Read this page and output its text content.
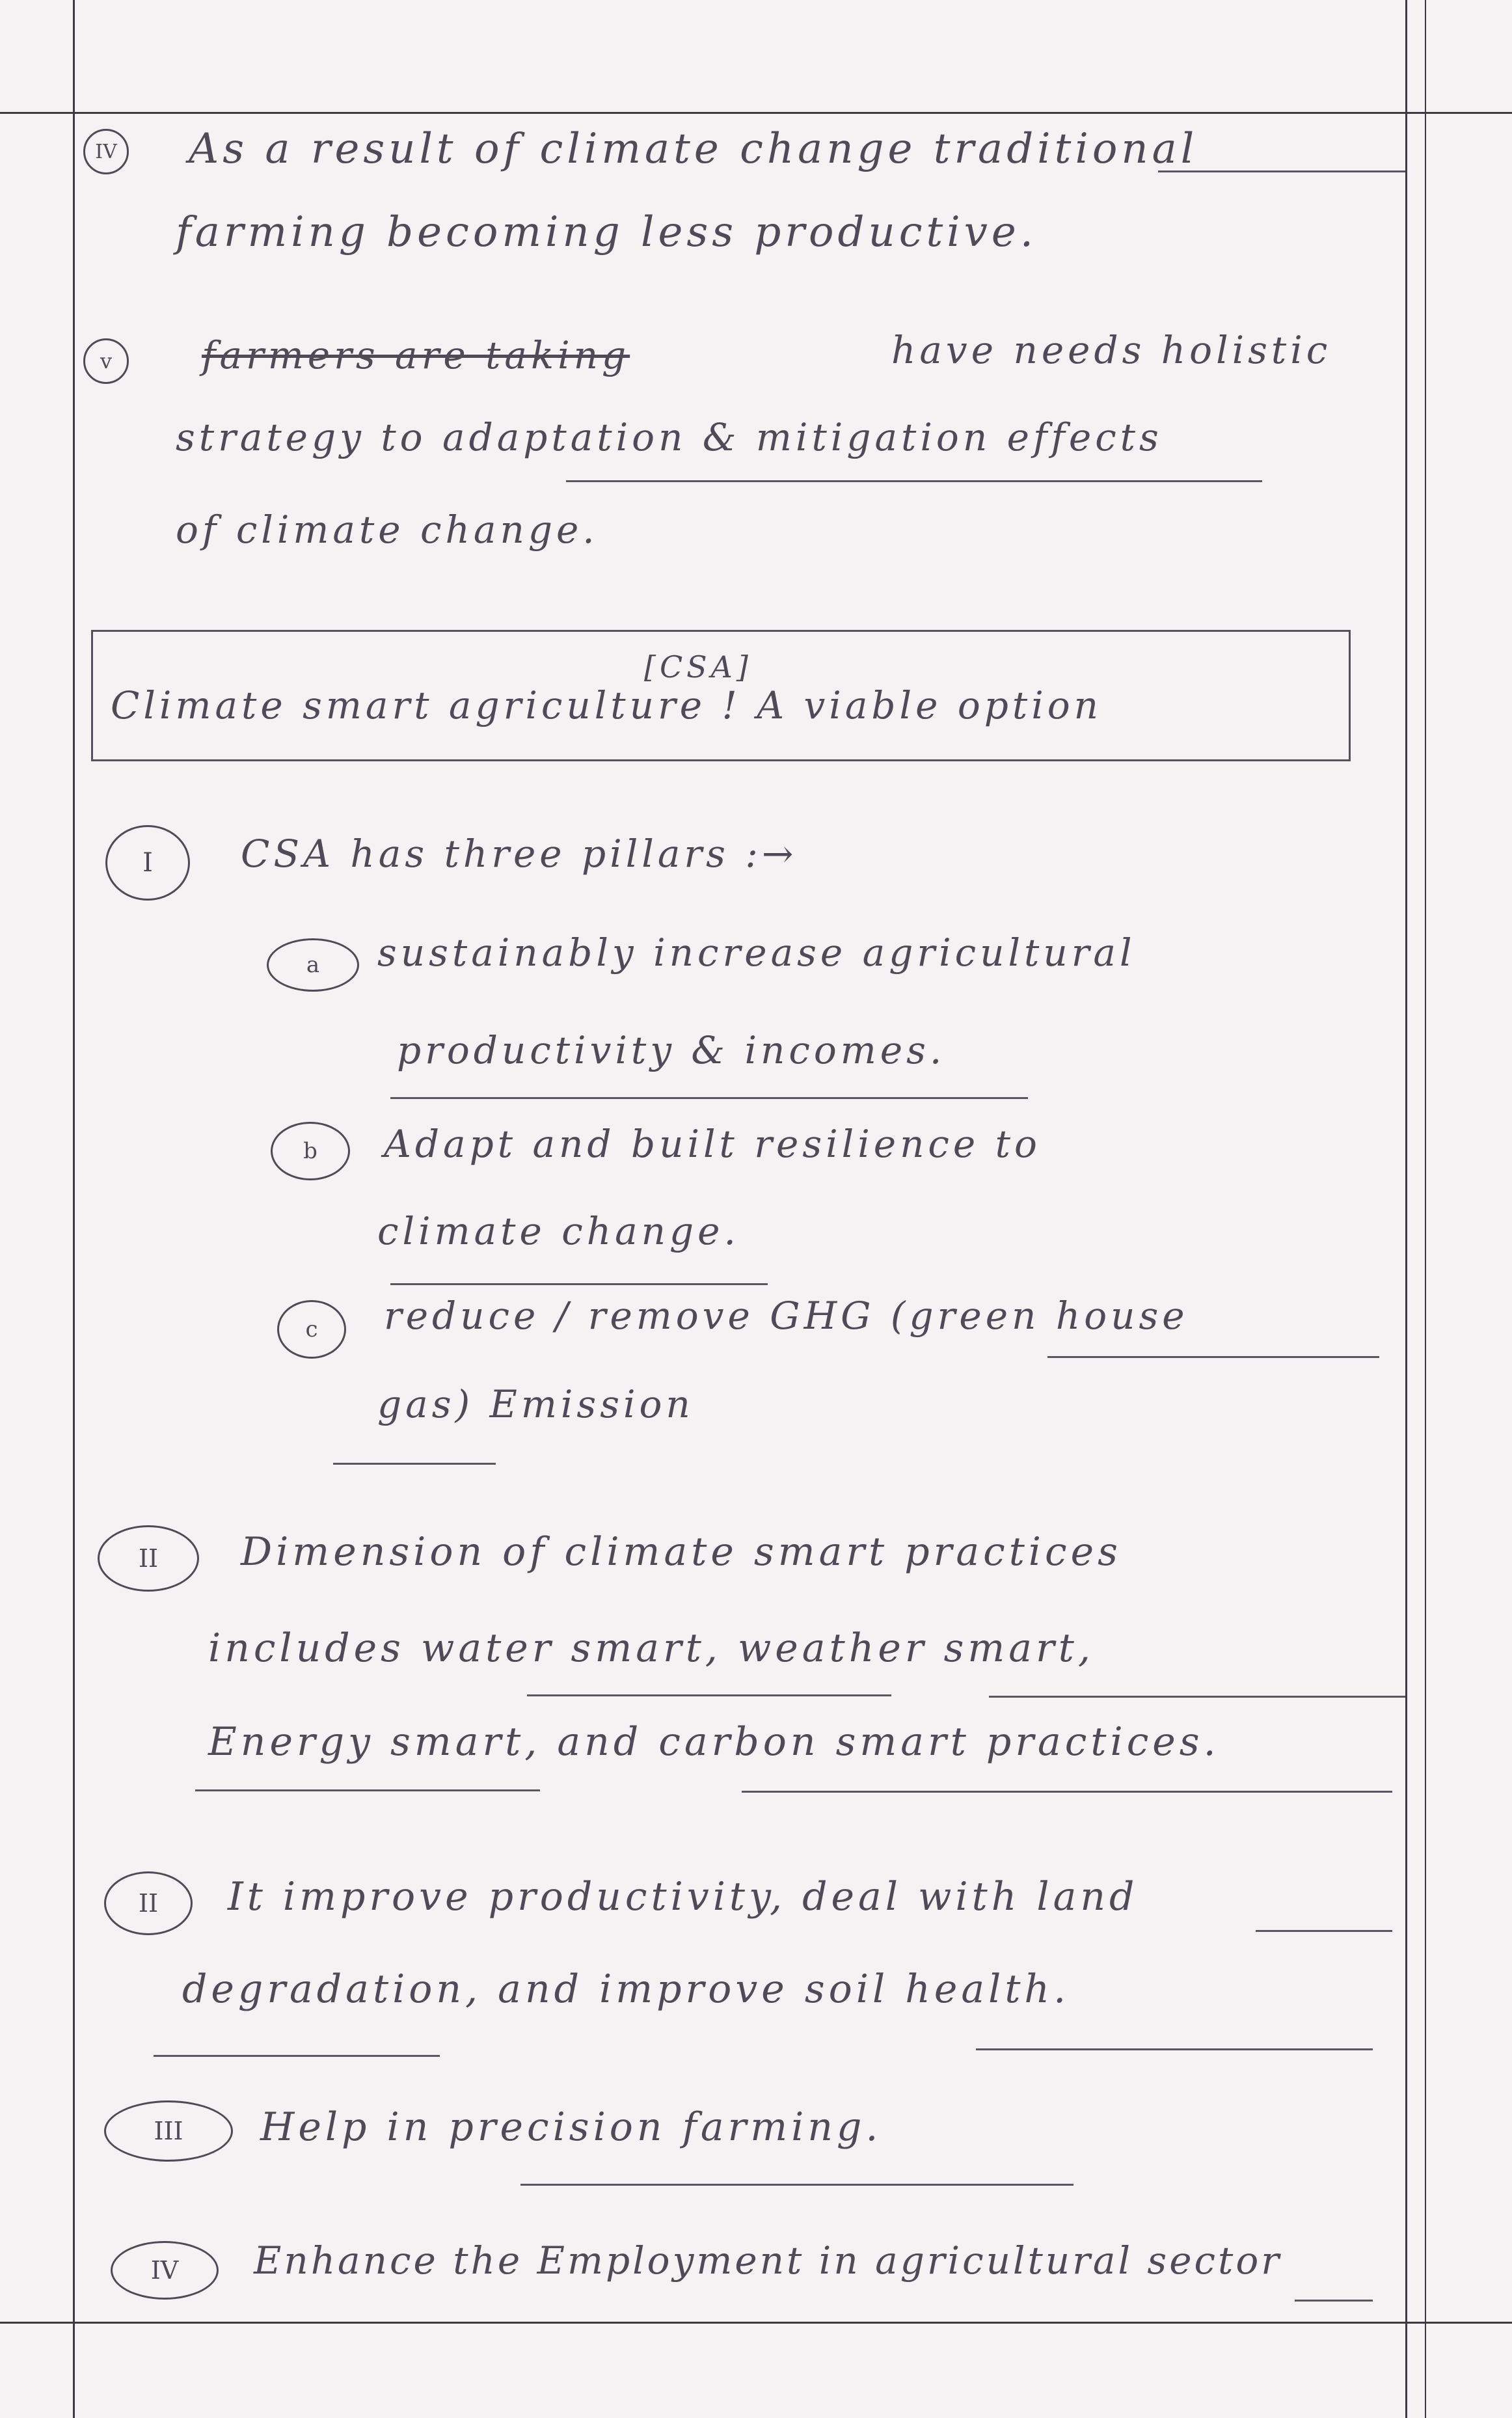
IV As a result of climate change traditional
farming becoming less productive.
v farmers are taking	have needs holistic
strategy to adaptation & mitigation effects
of climate change.
[CSA]
Climate smart agriculture ! A viable option
I CSA has three pillars :→
a sustainably increase agricultural
productivity & incomes.
b Adapt and built resilience to
climate change.
c reduce / remove GHG (green house
gas) Emission
II Dimension of climate smart practices
includes water smart, weather smart,
Energy smart, and carbon smart practices.
II It improve productivity, deal with land
degradation, and improve soil health.
III Help in precision farming.
IV Enhance the Employment in agricultural sector
